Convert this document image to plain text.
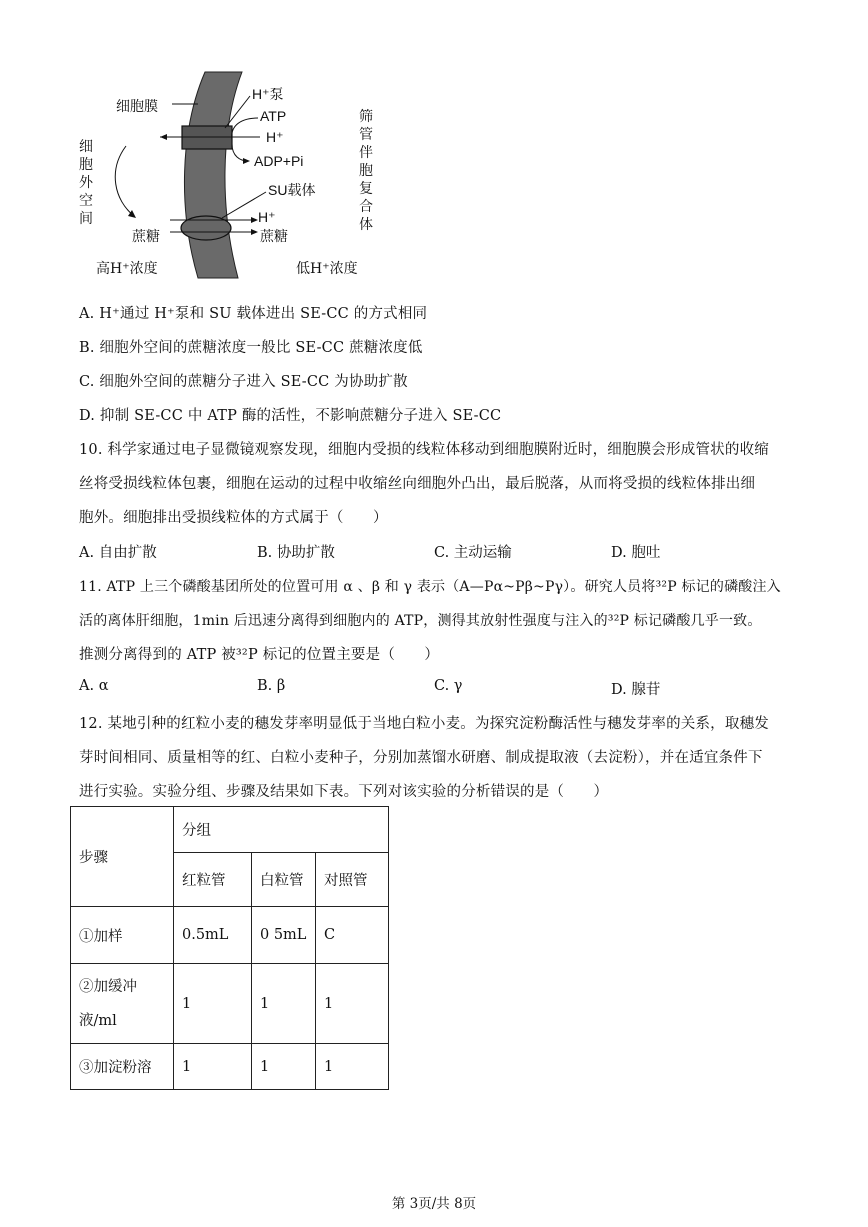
细胞膜
H⁺泵
ATP
H⁺
ADP+Pi
SU载体
H⁺
蔗糖	蔗糖
细胞外空间
筛管伴胞复合体
高H⁺浓度	低H⁺浓度
A. H⁺通过 H⁺泵和 SU 载体进出 SE-CC 的方式相同
B. 细胞外空间的蔗糖浓度一般比 SE-CC 蔗糖浓度低
C. 细胞外空间的蔗糖分子进入 SE-CC 为协助扩散
D. 抑制 SE-CC 中 ATP 酶的活性，不影响蔗糖分子进入 SE-CC
10. 科学家通过电子显微镜观察发现，细胞内受损的线粒体移动到细胞膜附近时，细胞膜会形成管状的收缩
丝将受损线粒体包裹，细胞在运动的过程中收缩丝向细胞外凸出，最后脱落，从而将受损的线粒体排出细
胞外。细胞排出受损线粒体的方式属于（　　）
A. 自由扩散	B. 协助扩散	C. 主动运输	D. 胞吐
11. ATP 上三个磷酸基团所处的位置可用 α 、β 和 γ 表示（A—Pα~Pβ~Pγ）。研究人员将³²P 标记的磷酸注入
活的离体肝细胞，1min 后迅速分离得到细胞内的 ATP，测得其放射性强度与注入的³²P 标记磷酸几乎一致。
推测分离得到的 ATP 被³²P 标记的位置主要是（　　）
A. α	B. β	C. γ	D. 腺苷
12. 某地引种的红粒小麦的穗发芽率明显低于当地白粒小麦。为探究淀粉酶活性与穗发芽率的关系，取穗发
芽时间相同、质量相等的红、白粒小麦种子，分别加蒸馏水研磨、制成提取液（去淀粉），并在适宜条件下
进行实验。实验分组、步骤及结果如下表。下列对该实验的分析错误的是（　　）
步骤	分组		
	红粒管	白粒管	对照管
①加样	0.5mL	0 5mL	C
②加缓冲液/ml	1	1	1
③加淀粉溶	1	1	1
第 3页/共 8页
